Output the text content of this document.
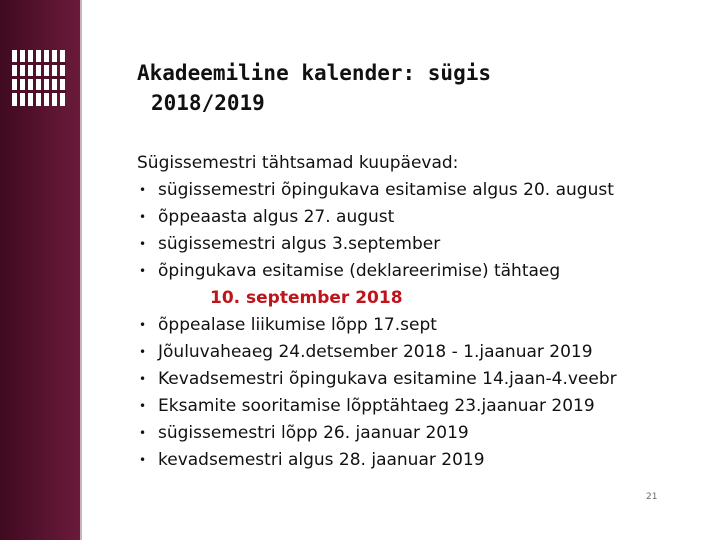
Akadeemiline kalender: sügis

2018/2019
Sügissemestri tähtsamad kuupäevad:
• sügissemestri õpingukava esitamise algus 20. august
• õppeaasta algus 27. august
• sügissemestri algus 3.september
• õpingukava esitamise (deklareerimise) tähtaeg
10. september 2018
• õppealase liikumise lõpp 17.sept
• Jõuluvaheaeg 24.detsember 2018 - 1.jaanuar 2019
• Kevadsemestri õpingukava esitamine 14.jaan-4.veebr
• Eksamite sooritamise lõpptähtaeg 23.jaanuar 2019
• sügissemestri lõpp 26. jaanuar 2019
• kevadsemestri algus 28. jaanuar 2019
21
